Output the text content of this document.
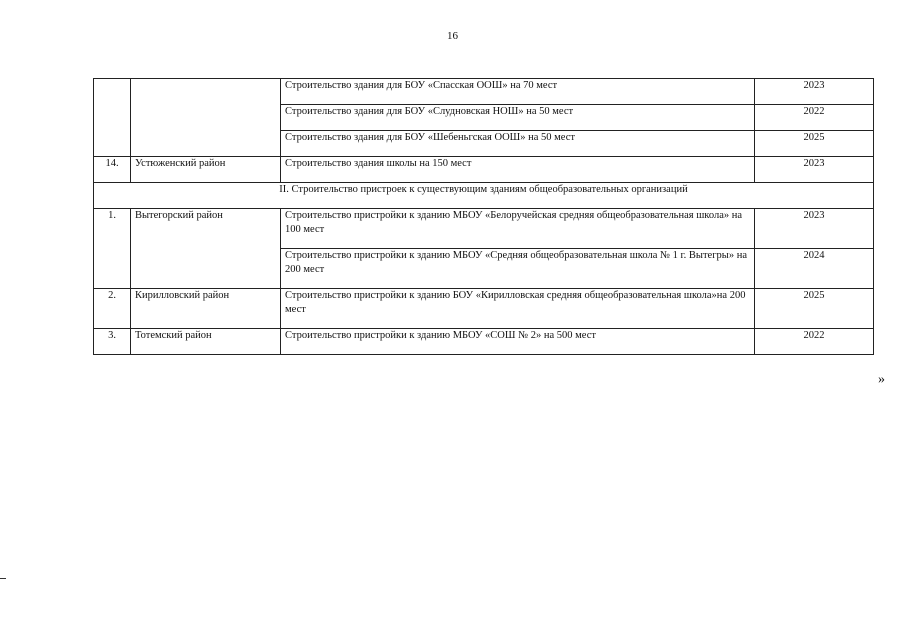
16
		Строительство здания для БОУ «Спасская ООШ» на 70 мест	2023
		Строительство здания для БОУ «Слудновская НОШ» на 50 мест	2022
		Строительство здания для БОУ «Шебеньгская ООШ» на 50 мест	2025
14.	Устюженский район	Строительство здания школы на 150 мест	2023
II. Строительство пристроек к существующим зданиям общеобразовательных организаций			
1.	Вытегорский район	Строительство пристройки к зданию МБОУ «Белоручейская средняя общеобразовательная школа» на 100 мест	2023
		Строительство пристройки к зданию МБОУ «Средняя общеобразовательная школа № 1 г. Вытегры» на 200 мест	2024
2.	Кирилловский район	Строительство пристройки к зданию БОУ «Кирилловская средняя общеобразовательная школа»на 200 мест	2025
3.	Тотемский район	Строительство пристройки к зданию МБОУ «СОШ № 2» на 500 мест	2022
»
